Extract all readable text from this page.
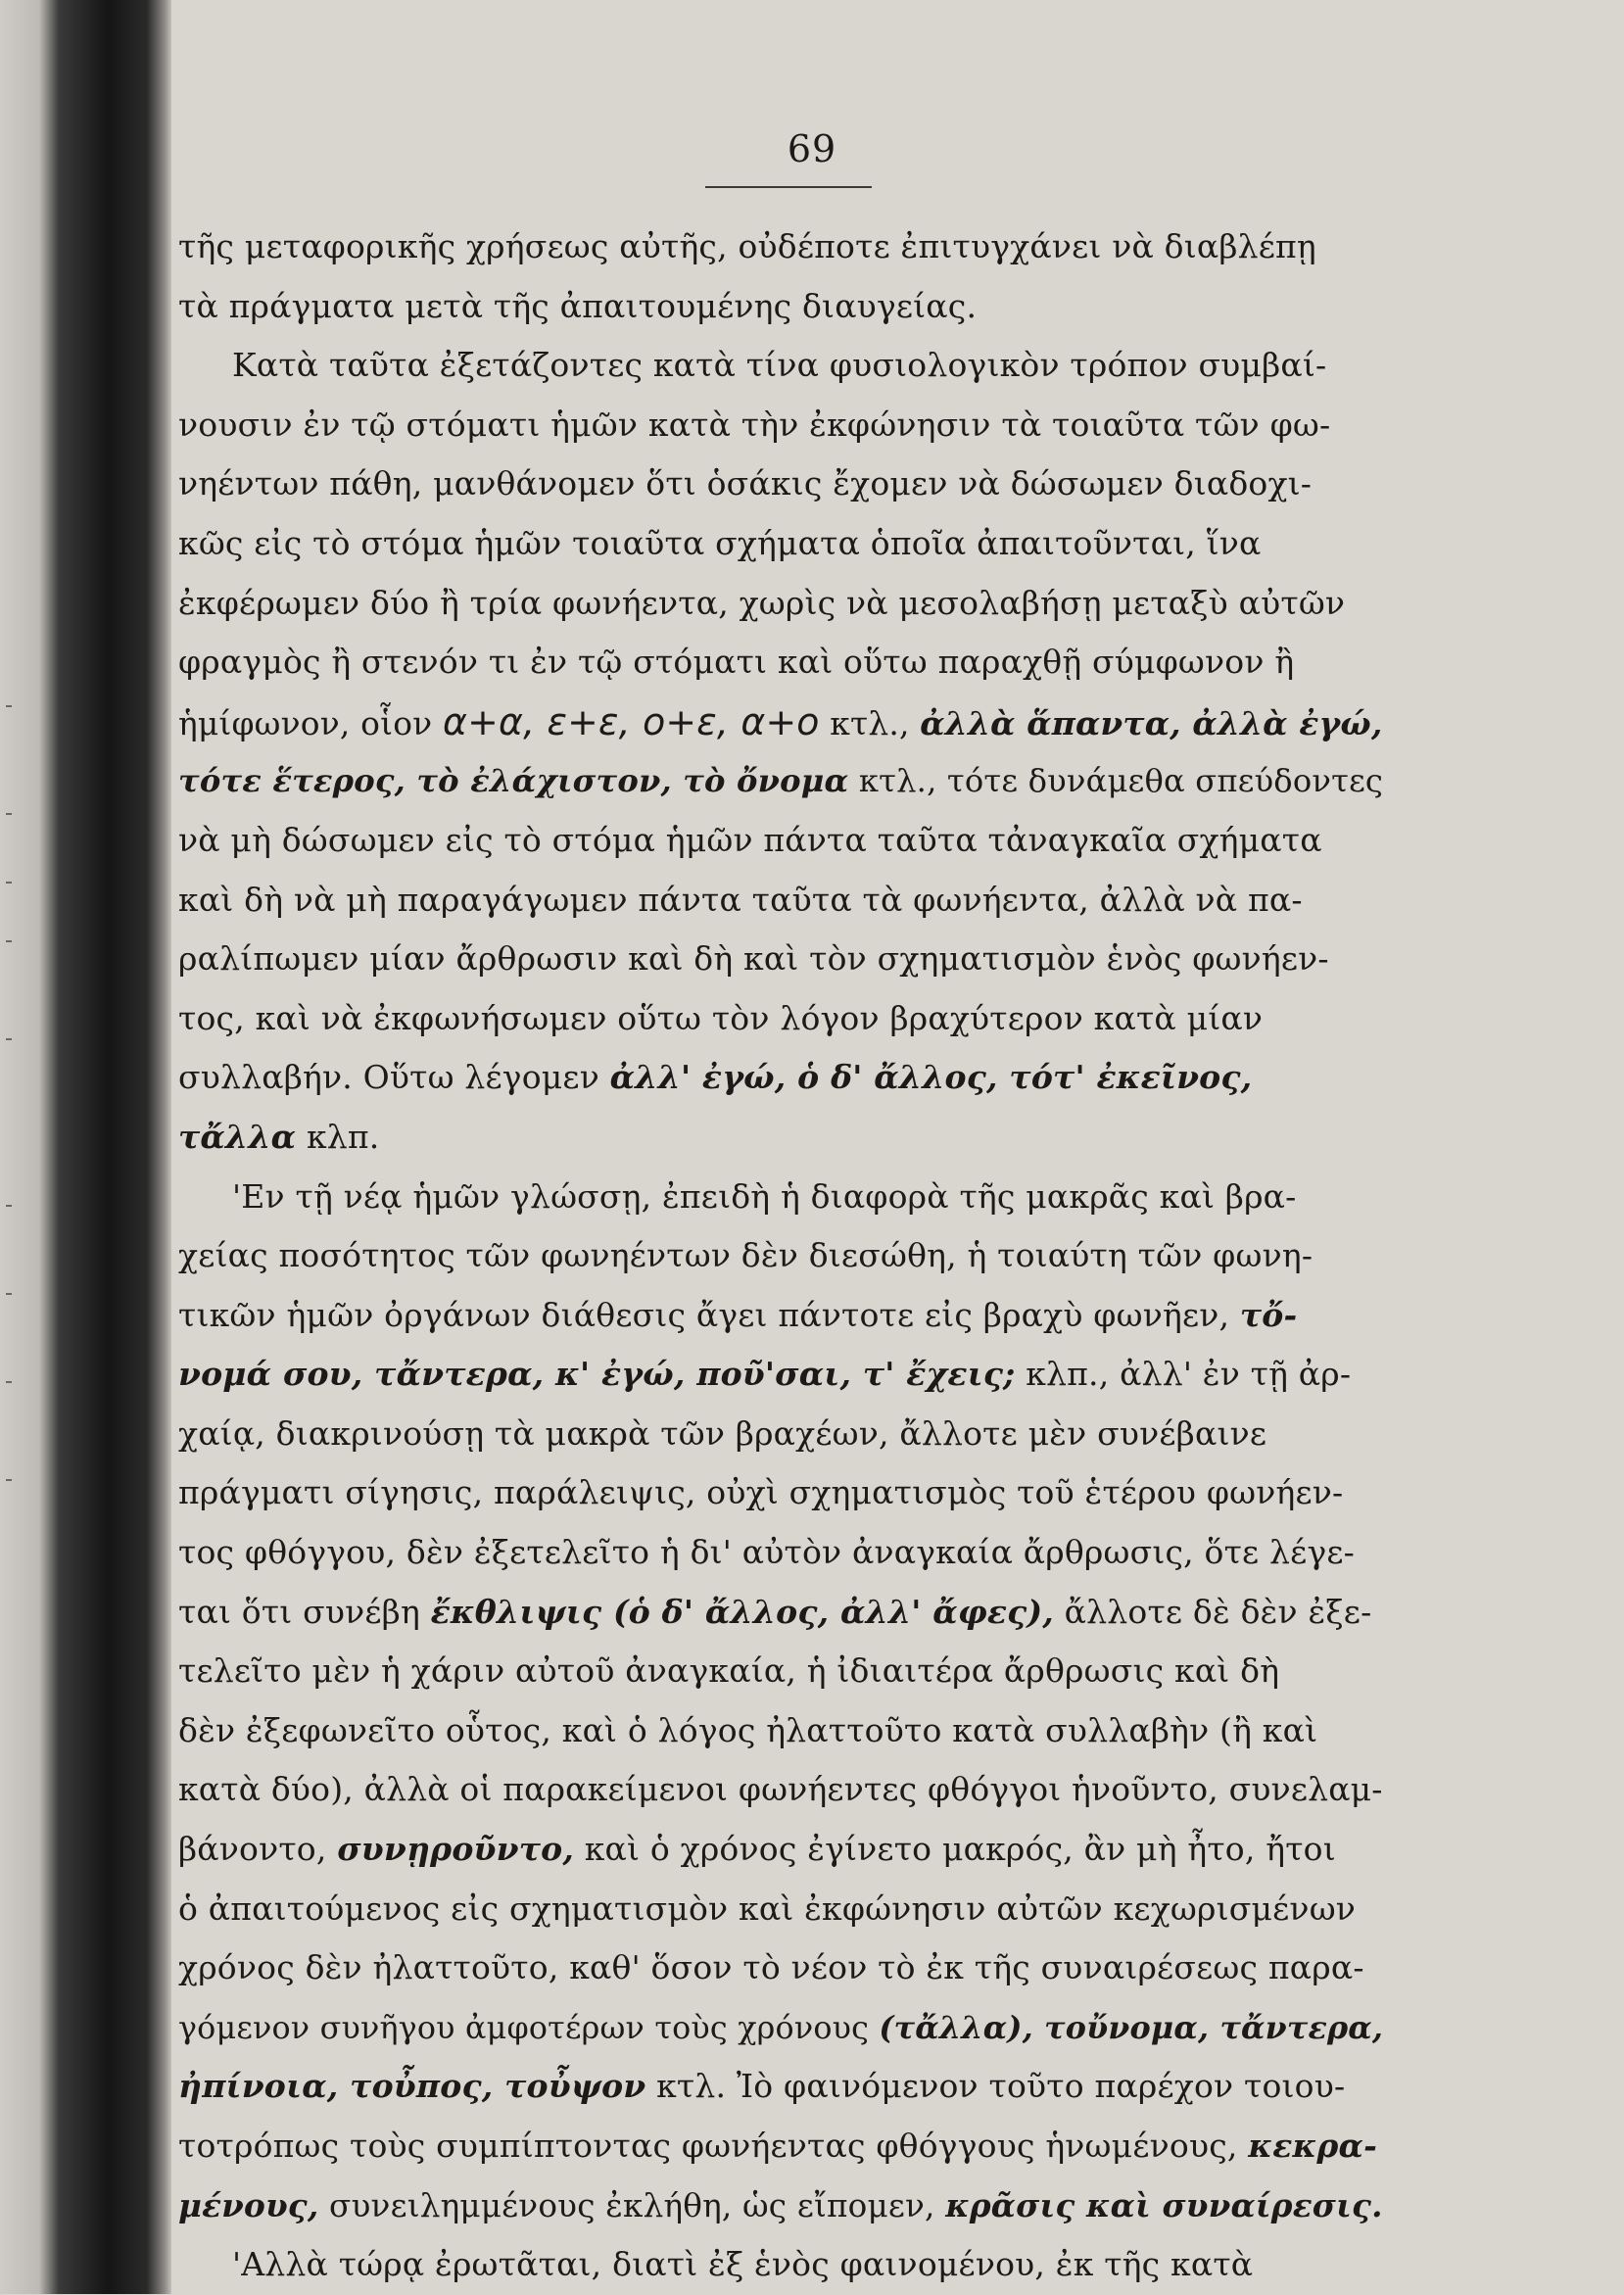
69
τῆς μεταφορικῆς χρήσεως αὐτῆς, οὐδέποτε ἐπιτυγχάνει νὰ διαβλέπῃ
τὰ πράγματα μετὰ τῆς ἀπαιτουμένης διαυγείας.
Κατὰ ταῦτα ἐξετάζοντες κατὰ τίνα φυσιολογικὸν τρόπον συμβαί-
νουσιν ἐν τῷ στόματι ἡμῶν κατὰ τὴν ἐκφώνησιν τὰ τοιαῦτα τῶν φω-
νηέντων πάθη, μανθάνομεν ὅτι ὁσάκις ἔχομεν νὰ δώσωμεν διαδοχι-
κῶς εἰς τὸ στόμα ἡμῶν τοιαῦτα σχήματα ὁποῖα ἀπαιτοῦνται, ἵνα
ἐκφέρωμεν δύο ἢ τρία φωνήεντα, χωρὶς νὰ μεσολαβήσῃ μεταξὺ αὐτῶν
φραγμὸς ἢ στενόν τι ἐν τῷ στόματι καὶ οὕτω παραχθῇ σύμφωνον ἢ
ἡμίφωνον, οἷον α+α, ε+ε, ο+ε, α+ο κτλ., ἀλλὰ ἅπαντα, ἀλλὰ ἐγώ,
τότε ἕτερος, τὸ ἐλάχιστον, τὸ ὄνομα κτλ., τότε δυνάμεθα σπεύδοντες
νὰ μὴ δώσωμεν εἰς τὸ στόμα ἡμῶν πάντα ταῦτα τἀναγκαῖα σχήματα
καὶ δὴ νὰ μὴ παραγάγωμεν πάντα ταῦτα τὰ φωνήεντα, ἀλλὰ νὰ πα-
ραλίπωμεν μίαν ἄρθρωσιν καὶ δὴ καὶ τὸν σχηματισμὸν ἑνὸς φωνήεν-
τος, καὶ νὰ ἐκφωνήσωμεν οὕτω τὸν λόγον βραχύτερον κατὰ μίαν
συλλαβήν. Οὕτω λέγομεν ἀλλ' ἐγώ, ὁ δ' ἄλλος, τότ' ἐκεῖνος,
τἄλλα κλπ.
'Εν τῇ νέᾳ ἡμῶν γλώσσῃ, ἐπειδὴ ἡ διαφορὰ τῆς μακρᾶς καὶ βρα-
χείας ποσότητος τῶν φωνηέντων δὲν διεσώθη, ἡ τοιαύτη τῶν φωνη-
τικῶν ἡμῶν ὀργάνων διάθεσις ἄγει πάντοτε εἰς βραχὺ φωνῆεν, τὄ-
νομά σου, τἄντερα, κ' ἐγώ, ποῦ'σαι, τ' ἔχεις; κλπ., ἀλλ' ἐν τῇ ἀρ-
χαίᾳ, διακρινούσῃ τὰ μακρὰ τῶν βραχέων, ἄλλοτε μὲν συνέβαινε
πράγματι σίγησις, παράλειψις, οὐχὶ σχηματισμὸς τοῦ ἑτέρου φωνήεν-
τος φθόγγου, δὲν ἐξετελεῖτο ἡ δι' αὐτὸν ἀναγκαία ἄρθρωσις, ὅτε λέγε-
ται ὅτι συνέβη ἔκθλιψις (ὁ δ' ἄλλος, ἀλλ' ἄφες), ἄλλοτε δὲ δὲν ἐξε-
τελεῖτο μὲν ἡ χάριν αὐτοῦ ἀναγκαία, ἡ ἰδιαιτέρα ἄρθρωσις καὶ δὴ
δὲν ἐξεφωνεῖτο οὗτος, καὶ ὁ λόγος ἠλαττοῦτο κατὰ συλλαβὴν (ἢ καὶ
κατὰ δύο), ἀλλὰ οἱ παρακείμενοι φωνήεντες φθόγγοι ἡνοῦντο, συνελαμ-
βάνοντο, συνῃροῦντο, καὶ ὁ χρόνος ἐγίνετο μακρός, ἂν μὴ ἦτο, ἤτοι
ὁ ἀπαιτούμενος εἰς σχηματισμὸν καὶ ἐκφώνησιν αὐτῶν κεχωρισμένων
χρόνος δὲν ἠλαττοῦτο, καθ' ὅσον τὸ νέον τὸ ἐκ τῆς συναιρέσεως παρα-
γόμενον συνῆγου ἀμφοτέρων τοὺς χρόνους (τἄλλα), τοὔνομα, τἄντερα,
ἠπίνοια, τοὖπος, τοὖψον κτλ. Ἰὸ φαινόμενον τοῦτο παρέχον τοιου-
τοτρόπως τοὺς συμπίπτοντας φωνήεντας φθόγγους ἡνωμένους, κεκρα-
μένους, συνειλημμένους ἐκλήθη, ὡς εἴπομεν, κρᾶσις καὶ συναίρεσις.
'Αλλὰ τώρᾳ ἐρωτᾶται, διατὶ ἐξ ἑνὸς φαινομένου, ἐκ τῆς κατὰ
